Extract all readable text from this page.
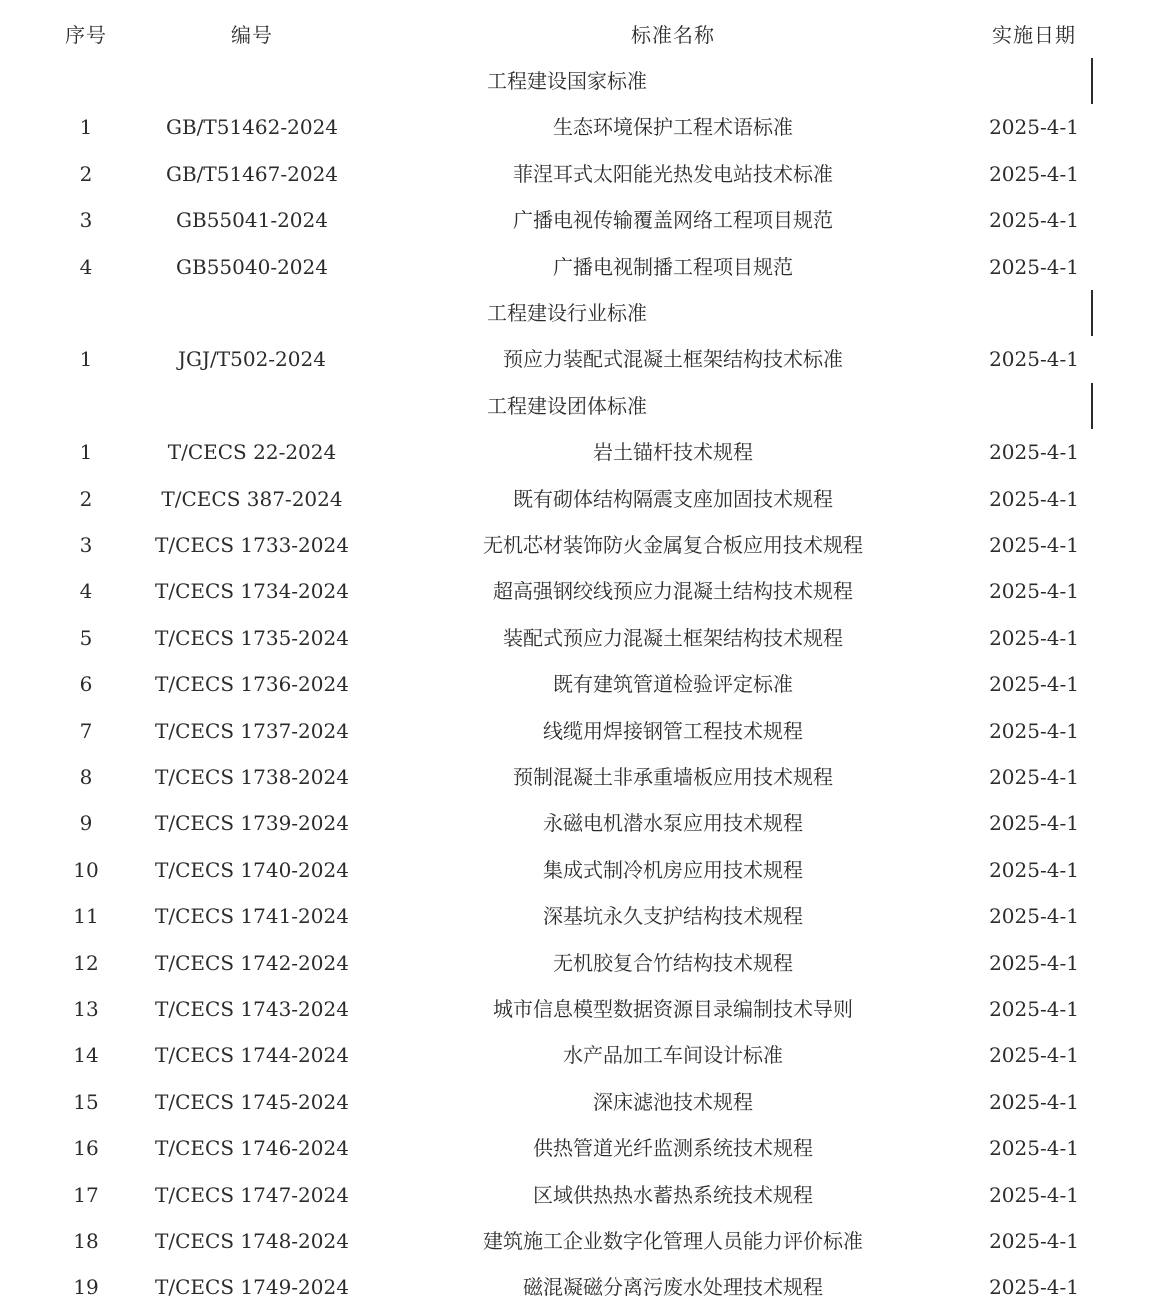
序号	编号	标准名称	实施日期
工程建设国家标准
1	GB/T51462-2024	生态环境保护工程术语标准	2025-4-1
2	GB/T51467-2024	菲涅耳式太阳能光热发电站技术标准	2025-4-1
3	GB55041-2024	广播电视传输覆盖网络工程项目规范	2025-4-1
4	GB55040-2024	广播电视制播工程项目规范	2025-4-1
工程建设行业标准
1	JGJ/T502-2024	预应力装配式混凝土框架结构技术标准	2025-4-1
工程建设团体标准
1	T/CECS 22-2024	岩土锚杆技术规程	2025-4-1
2	T/CECS 387-2024	既有砌体结构隔震支座加固技术规程	2025-4-1
3	T/CECS 1733-2024	无机芯材装饰防火金属复合板应用技术规程	2025-4-1
4	T/CECS 1734-2024	超高强钢绞线预应力混凝土结构技术规程	2025-4-1
5	T/CECS 1735-2024	装配式预应力混凝土框架结构技术规程	2025-4-1
6	T/CECS 1736-2024	既有建筑管道检验评定标准	2025-4-1
7	T/CECS 1737-2024	线缆用焊接钢管工程技术规程	2025-4-1
8	T/CECS 1738-2024	预制混凝土非承重墙板应用技术规程	2025-4-1
9	T/CECS 1739-2024	永磁电机潜水泵应用技术规程	2025-4-1
10	T/CECS 1740-2024	集成式制冷机房应用技术规程	2025-4-1
11	T/CECS 1741-2024	深基坑永久支护结构技术规程	2025-4-1
12	T/CECS 1742-2024	无机胶复合竹结构技术规程	2025-4-1
13	T/CECS 1743-2024	城市信息模型数据资源目录编制技术导则	2025-4-1
14	T/CECS 1744-2024	水产品加工车间设计标准	2025-4-1
15	T/CECS 1745-2024	深床滤池技术规程	2025-4-1
16	T/CECS 1746-2024	供热管道光纤监测系统技术规程	2025-4-1
17	T/CECS 1747-2024	区域供热热水蓄热系统技术规程	2025-4-1
18	T/CECS 1748-2024	建筑施工企业数字化管理人员能力评价标准	2025-4-1
19	T/CECS 1749-2024	磁混凝磁分离污废水处理技术规程	2025-4-1
